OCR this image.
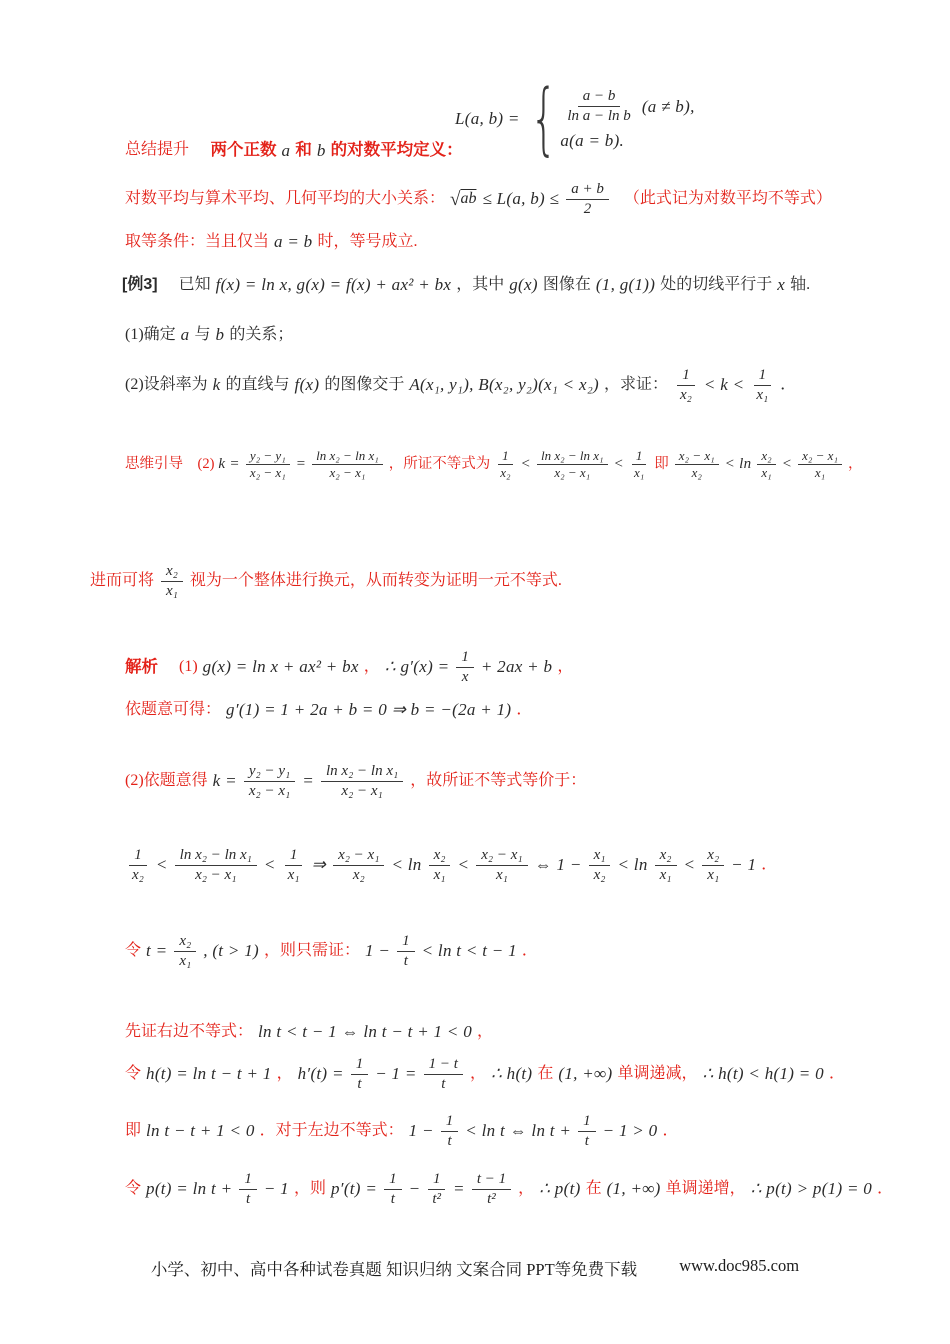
L(a, b) = { $\frac{a - b}{\text{ln a − ln b}} (a \ne b)$,
a(a = b).
总结提升 　两个正数 a 和 b 的对数平均定义：
对数平均与算术平均、几何平均的大小关系： √ ab ≤ L(a, $b) \le \frac{a + b}{2}$ 　（此式记为对数平均不等式）
取等条件：当且仅当 a = b 时，等号成立.
[例3] 　已知 f(x) = ln x, g(x) = f(x) + ax² + bx ，其中 g(x) 图像在 (1, g(1)) 处的切线平行于 x 轴.
(1)确定 a 与 b 的关系；
(2)设斜率为 k 的直线与 f(x) 的图像交于 A(x₁, y₁), B(x₂, y₂)(x₁ < x₂) ，求证： $\frac{1}{\text{x₂}} < k < \frac{1}{\text{x₁}}$ ．
思维引导　(2) $k = \frac{\text{y₂ − y₁}}{\text{x₂ − x₁}} = \frac{\text{ln x₂ − ln x₁}}{\text{x₂ − x₁}}$ ，所证不等式为 $\frac{1}{\text{x₂}} < \frac{\text{ln x₂ − ln x₁}}{\text{x₂ − x₁}} < \frac{1}{\text{x₁}}$ 即 $\frac{\text{x₂ − x₁}}{\text{x₂}} < \ln \frac{\text{x₂}}{\text{x₁}} < \frac{\text{x₂ − x₁}}{\text{x₁}}$ ，
进而可将 $\frac{\text{x₂}}{\text{x₁}}$ 视为一个整体进行换元，从而转变为证明一元不等式.
解析 　(1) g(x) = ln x + ax² + bx ， ∴ $g'(x) = \frac{1}{x} + 2ax + b$ ，
依题意可得： g′(1) = 1 + 2a + b = 0 ⇒ b = −(2a + 1) ．
(2)依题意得 $k = \frac{\text{y₂ − y₁}}{\text{x₂ − x₁}} = \frac{\text{ln x₂ − ln x₁}}{\text{x₂ − x₁}}$ ，故所证不等式等价于：
$\frac{1}{\text{x₂}} < \frac{\text{ln x₂ − ln x₁}}{\text{x₂ − x₁}} < \frac{1}{\text{x₁}}$ ⇒ $\frac{\text{x₂ − x₁}}{\text{x₂}} < \ln \frac{\text{x₂}}{\text{x₁}} < \frac{\text{x₂ − x₁}}{\text{x₁}}$ ⇔ $1 - \frac{\text{x₁}}{\text{x₂}} < \ln \frac{\text{x₂}}{\text{x₁}} < \frac{\text{x₂}}{\text{x₁}} - 1$ ．
令 $t = \frac{\text{x₂}}{\text{x₁}}$ , (t > 1) ，则只需证： $1 - \frac{1}{t} < \ln t < t - 1$ ．
先证右边不等式： ln t < t − 1 ⇔ ln t − t + 1 < 0 ，
令 h(t) = ln t − t + 1 ， $h'(t) = \frac{1}{t} - 1 = \frac{1 - t}{t}$ ， ∴ h(t) 在 (1, +∞) 单调递减， ∴ h(t) < h(1) = 0 ．
即 ln t − t + 1 < 0 ．对于左边不等式： $1 - \frac{1}{t} < \ln t$ ⇔ $\ln t + \frac{1}{t} - 1 > 0$ ．
令 $p(t) = \ln t + \frac{1}{t} - 1$ ，则 $p'(t) = \frac{1}{t} - \frac{1}{\text{t²}} = \frac{t - 1}{\text{t²}}$ ， ∴ p(t) 在 (1, +∞) 单调递增， ∴ p(t) > p(1) = 0 ．
小学、初中、高中各种试卷真题 知识归纳 文案合同 PPT等免费下载	www.doc985.com
